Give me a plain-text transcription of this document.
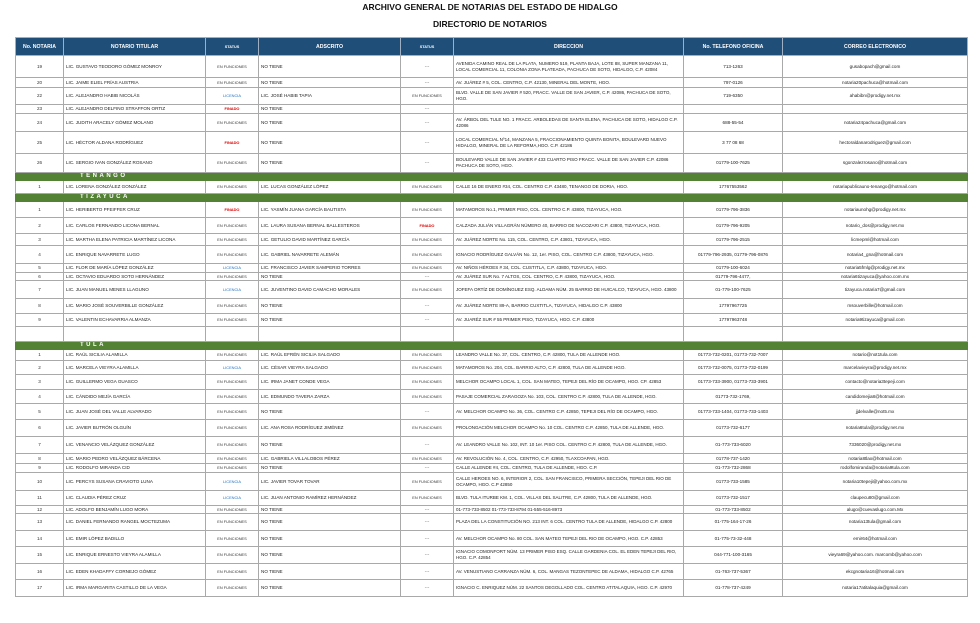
ARCHIVO GENERAL DE NOTARIAS DEL ESTADO DE HIDALGO
DIRECTORIO DE NOTARIOS
No. NOTARIA	NOTARIO TITULAR	STATUS	ADSCRITO	STATUS	DIRECCION	No. TELEFONO OFICINA	CORREO ELECTRONICO
19	LIC. GUSTAVO TEODORO GÓMEZ MONROY	EN FUNCIONES	NO TIENE	---	AVENIDA CAMINO REAL DE LA PLATA, NUMERO 519, PLANTA BAJA, LOTE 88, SUPER MANZANA 11, LOCAL COMERCIAL 11, COLONIA ZONA PLATEADA, PACHUCA DE SOTO, HIDALGO, C.P. 42084	713-1263	gusabopach@gmail.com
20	LIC. JAIME ELIEL FRÍAS AUSTRIA	EN FUNCIONES	NO TIENE	---	AV. JUÁREZ # 5, COL. CENTRO, C.P. 42130, MINERAL DEL MONTE, HGO.	797-0126	notaria20pachuca@hotmail.com
22	LIC. ALEJANDRO HABIB NICOLÁS	LICENCIA	LIC. JOSÉ HABIB TAPIA	EN FUNCIONES	BLVD. VALLE DE SAN JAVIER # 520, FRACC. VALLE DE SAN JAVIER, C.P. 42086, PACHUCA DE SOTO, HGO.	719-6350	ahabibn@prodigy.net.mx
23	LIC. ALEJANDRO DELFINO STRAFFON ORTIZ	FINADO	NO TIENE	---			
24	LIC. JUDITH ARACELY GÓMEZ MOLANO	EN FUNCIONES	NO TIENE	---	AV. ÁRBOL DEL TULE NO. 1 FRACC. ARBOLEDAS DE SANTA ELENA, PACHUCA DE SOTO, HIDALGO C.P. 42086	688-55-54	notaria24pachuca@gmail.com
25	LIC. HÉCTOR ALDANA RODRÍGUEZ	FINADO	NO TIENE	---	LOCAL COMERCIAL Nº14, MANZANA 5, FRACCIONAMIENTO QUINTA BONITA, BOULEVARD NUEVO HIDALGO, MINERAL DE LA REFORMA,HGO. C.P. 42186	3 77 08 68	hectoraldanarodriguez@gmail.com
26	LIC. SERGIO IVAN GONZÁLEZ ROSANO	EN FUNCIONES	NO TIENE	---	BOULEVARD VALLE DE SAN JAVIER # 433 CUARTO PISO FRACC. VALLE DE SAN JAVIER C.P. 42086 PACHUCA DE SOTO, HGO.	01779-100-7625	sgonzalezrosano@hotmail.com
TENANGO							
1	LIC. LORENA GONZÁLEZ GONZÁLEZ	EN FUNCIONES	LIC. LUCAS GONZÁLEZ LÓPEZ	EN FUNCIONES	CALLE 16 DE ENERO #34, COL. CENTRO C.P. 43480, TENANGO DE DORIA, HGO.	17767553562	notariapublicauno-tenango@hotmail.com
TIZAYUCA							
1	LIC. HERIBERTO PFEIFFER CRUZ	FINADO	LIC. YASMÍN JUANA GARCÍA BAUTISTA	EN FUNCIONES	MATAMOROS No.1, PRIMER PISO, COL. CENTRO C.P. 43800, TIZAYUCA, HGO.	01779-796-3836	notariaunohg@prodigy.net.mx
2	LIC. CARLOS FERNANDO LICONA BERNAL	EN FUNCIONES	LIC. LAURA SUSANA BERNAL BALLESTEROS	FINADO	CALZADA JULIÁN VILLAGRÁN NÚMERO 40, BARRIO DE NACOZARI C.P. 43800, TIZAYUCA, HGO.	01779-796-9205	notario_dos@prodigy.net.mx
3	LIC. MARTHA ELENA PATRICIA MARTÍNEZ LICONA	EN FUNCIONES	LIC. GETULIO DAVID MARTÍNEZ GARCÍA	EN FUNCIONES	AV. JUÁREZ NORTE No. 115, COL. CENTRO, C.P. 43801, TIZAYUCA, HGO.	01779-796-2515	licmepml@hotmail.com
4	LIC. ENRIQUE NAVARRETE LUGO	EN FUNCIONES	LIC. GABRIEL NAVARRETE ALEMÁN	EN FUNCIONES	IGNACIO RODRÍGUEZ GALVÁN No. 12, 1er. PISO, COL. CENTRO C.P. 43800, TIZAYUCA, HGO.	01779-796-2935, 01779-796-0876	notaria4_gna@hotmail.com
5	LIC. FLOR DE MARÍA LÓPEZ GONZÁLEZ	LICENCIA	LIC. FRANCISCO JAVIER SAMPERIO TORRES	EN FUNCIONES	AV. NIÑOS HÉROES # 34, COL. CUSTITLA, C.P. 43800, TIZAYUCA, HGO.	01779-100-6024	notaria5fmlg@prodigy.net.mx
6	LIC. OCTAVIO EDUARDO SOTO HERNÁNDEZ	EN FUNCIONES	NO TIENE	---	AV. JUÁREZ SUR No. 7 ALTOS, COL. CENTRO, C.P. 43800, TIZAYUCA, HGO.	01779-796-4477,	notaria6tizayuca@yahoo.com.mx
7	LIC. JUAN MANUEL MENES LLAGUNO	LICENCIA	LIC. JUVENTINO DAVID CAMACHO MORALES	EN FUNCIONES	JOFEFA ORTÍZ DE DOMÍNGUEZ ESQ. ALDAMA NÚM. 25 BARRIO DE HUICALCO, TIZAYUCA, HGO. 43800	01-779-100-7625	tizayuca.notaria7@gmail.com
8	LIC. MARIO JOSÉ SOUVERBILLE GONZÁLEZ	EN FUNCIONES	NO TIENE	---	AV. JUÁREZ NORTE 89-A, BARRIO CUXTITLA, TIZAYUCA, HIDALGO C.P. 43800	17797967725	msouverbille@hotmail.com
9	LIC. VALENTIN ECHAVARRIA ALMANZA	EN FUNCIONES	NO TIENE	---	AV. JUARÉZ SUR # 55 PRIMER PISO, TIZAYUCA, HGO. C.P. 43800	17797963748	notaria9tizayuca@gmail.com

TULA							
1	LIC. RAÚL SICILIA ALAMILLA	EN FUNCIONES	LIC. RAÚL EFRÉN SICILIA SALGADO	EN FUNCIONES	LEANDRO VALLE No. 37, COL. CENTRO, C.P. 42800, TULA DE ALLENDE HGO.	01773-732-0201, 01773-732-7007	notario@not1tula.com
2	LIC. MARCELA VIEYRA ALAMILLA	LICENCIA	LIC. CÉSAR VIEYRA SALGADO	EN FUNCIONES	MATAMOROS No. 204, COL. BARRIO ALTO, C.P. 42800, TULA DE ALLENDE HGO.	01773-732-0075, 01773-732-0199	marcelavieyra@prodigy.net.mx
3	LIC. GUILLERMO VEGA GUASCO	EN FUNCIONES	LIC. IRMA JANET CONDE VEGA	EN FUNCIONES	MELCHOR OCAMPO LOCAL 1, COL. SAN MATEO, TEPEJI DEL RÍO DE OCAMPO, HGO. CP. 42853	01773-733-3900, 01773-733-3901	contacto@notaria3tepeji.com
4	LIC. CÁNDIDO MEJÍA GARCÍA	EN FUNCIONES	LIC. EDMUNDO TAVERA ZARZA	EN FUNCIONES	PASAJE COMERCIAL ZARAGOZA No. 103, COL. CENTRO C.P. 42800, TULA DE ALLENDE, HGO.	01773-732-1769,	candidomejia8@hotmail.com
5	LIC. JUAN JOSÉ DEL VALLE ALVARADO	EN FUNCIONES	NO TIENE	---	AV. MELCHOR OCAMPO No. 36, COL. CENTRO C.P. 42850, TEPEJI DEL RÍO DE OCAMPO, HGO.	01773-733-1404, 01773-733-1403	jjdelvalle@not5.mx
6	LIC. JAVIER BUTRÓN OLGUÍN	EN FUNCIONES	LIC. ANA ROSA RODRÍGUEZ JIMÉNEZ	EN FUNCIONES	PROLONGACIÓN MELCHOR OCAMPO No. 10 COL. CENTRO C.P. 42850, TULA DE ALLENDE, HGO.	01773-732-6177	notaria6tula@prodigy.net.mx
7	LIC. VENANCIO VELÁZQUEZ GONZÁLEZ	EN FUNCIONES	NO TIENE	---	AV. LEANDRO VALLE No. 102, INT. 10 1er. PISO COL. CENTRO C.P. 42800, TULA DE ALLENDE, HGO.	01-773-733-6020	7336020@prodigy.net.mx
8	LIC. MARIO PEDRO VELÁZQUEZ BÁRCENA	EN FUNCIONES	LIC. GABRIELA VILLALOBOS PÉREZ	EN FUNCIONES	AV. REVOLUCIÓN No. 4, COL. CENTRO, C.P. 42950, TLAXCOAPAN, HGO.	01778-737-1420	notaria8tlax@hotmail.com
9	LIC. RODOLFO MIRANDA CID	EN FUNCIONES	NO TIENE	---	CALLE ALLENDE #4, COL. CENTRO, TULA DE ALLENDE, HGO. C.P.	01-773-732-2868	rodolfomiranda@notaria9tula.com
10	LIC. PERCYS SUSANA CRAVIOTO LUNA	LICENCIA	LIC. JAVIER TOVAR TOVAR	EN FUNCIONES	CALLE HEROES NO. 6, INTERIOR 2, COL. SAN FRANCISCO, PRIMERA SECCIÓN, TEPEJI DEL RIO DE OCAMPO, HGO. C.P 42850	01773-733-1585	notaria10tepeji@yahoo.com.mx
11	LIC. CLAUDIA PÉREZ CRUZ	LICENCIA	LIC. JUAN ANTONIO RAMÍREZ HERNÁNDEZ	EN FUNCIONES	BLVD. TULA ITURBE KM. 1, COL. VILLAS DEL SALITRE, C.P. 42800, TULA DE ALLENDE, HGO.	01773-732-1517	claupecu80@gmail.com
12	LIC. ADOLFO BENJAMÍN LUGO MORA	EN FUNCIONES	NO TIENE	---	01-773-733-8502 01-773-733-8794 01-555-516-8973	01-773-733-8502	alugo@cuevaslugo.com.Mx
13	LIC. DANIEL FERNANDO RANGEL MOCTEZUMA	EN FUNCIONES	NO TIENE	---	PLAZA DEL LA CONSTITUCIÓN NO. 213 INT. 6 COL. CENTRO TULA DE ALLENDE, HIDALGO C.P. 42800	01-775-164-17-26	notaria13tula@gmail.com
14	LIC. EMIR LÓPEZ BADILLO	EN FUNCIONES	NO TIENE	---	AV. MELCHOR OCAMPO No. 80 COL. SAN MATEO TEPEJI DEL RIO DE OCAMPO, HGO. C.P. 42853	01-775-73-32-448	emir64@hotmail.com
15	LIC. ENRIQUE ERNESTO VIEYRA ALAMILLA	EN FUNCIONES	NO TIENE	---	IGNACIO COMONFORT NÚM. 13 PRIMER PISO ESQ. CALLE GARDENIA COL. EL EDEN TEPEJI DEL RIO, HGO. C.P. 42854	044-771-100-3165	vieyra69@yahoo.com. marcomb@yahoo.com
16	LIC. EDEN KHADAFFY CORNEJO GÓMEZ	EN FUNCIONES	NO TIENE	---	AV. VENUSTIANO CARRANZA NÚM. 6, COL. MANGAS TEZONTEPEC DE ALDAMA, HIDALGO C.P. 42765	01-763-737-5367	ekcgnotaria16@hotmail.com
17	LIC. IRMA MARGARITA CASTILLO DE LA VEGA	EN FUNCIONES	NO TIENE	---	IGNACIO C. ENRIQUEZ NÚM. 22 SANTOS DEGOLLADO COL. CENTRO ATITALAQUIA, HGO. C.P. 42970	01-778-737-4249	notaria17atitalaquia@gmail.com
